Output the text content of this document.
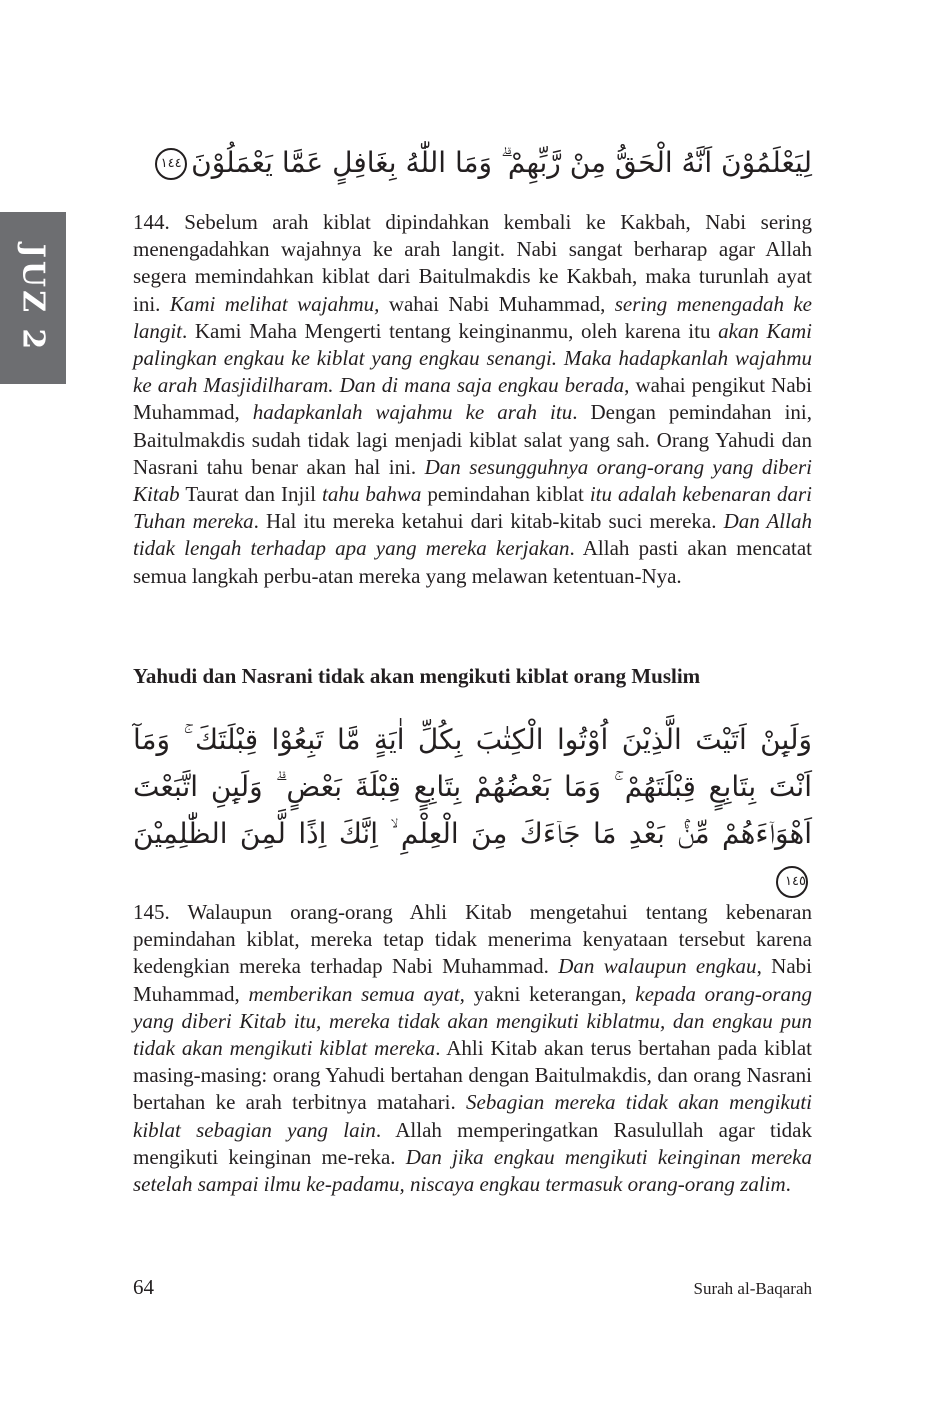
JUZ 2
لِيَعْلَمُوْنَ اَنَّهُ الْحَقُّ مِنْ رَّبِّهِمْ ۗ وَمَا اللّٰهُ بِغَافِلٍ عَمَّا يَعْمَلُوْنَ١٤٤

144. Sebelum arah kiblat dipindahkan kembali ke Kakbah, Nabi sering menengadahkan wajahnya ke arah langit. Nabi sangat berharap agar Allah segera memindahkan kiblat dari Baitulmakdis ke Kakbah, maka turunlah ayat ini. Kami melihat wajahmu, wahai Nabi Muhammad, sering menengadah ke langit. Kami Maha Mengerti tentang keinginanmu, oleh karena itu akan Kami palingkan engkau ke kiblat yang engkau senangi. Maka hadapkanlah wajahmu ke arah Masjidilharam. Dan di mana saja engkau berada, wahai pengikut Nabi Muhammad, hadapkanlah wajahmu ke arah itu. Dengan pemindahan ini, Baitulmakdis sudah tidak lagi menjadi kiblat salat yang sah. Orang Yahudi dan Nasrani tahu benar akan hal ini. Dan sesungguhnya orang-orang yang diberi Kitab Taurat dan Injil tahu bahwa pemindahan kiblat itu adalah kebenaran dari Tuhan mereka. Hal itu mereka ketahui dari kitab-kitab suci mereka. Dan Allah tidak lengah terhadap apa yang mereka kerjakan. Allah pasti akan mencatat semua langkah perbu-atan mereka yang melawan ketentuan-Nya.

Yahudi dan Nasrani tidak akan mengikuti kiblat orang Muslim
وَلَىِٕنْ اَتَيْتَ الَّذِيْنَ اُوْتُوا الْكِتٰبَ بِكُلِّ اٰيَةٍ مَّا تَبِعُوْا قِبْلَتَكَ ۚ وَمَآ اَنْتَ بِتَابِعٍ قِبْلَتَهُمْ ۚ وَمَا بَعْضُهُمْ بِتَابِعٍ قِبْلَةَ بَعْضٍ ۗ وَلَىِٕنِ اتَّبَعْتَ اَهْوَاۤءَهُمْ مِّنْۢ بَعْدِ مَا جَاۤءَكَ مِنَ الْعِلْمِ ۙ اِنَّكَ اِذًا لَّمِنَ الظّٰلِمِيْنَ١٤٥

145. Walaupun orang-orang Ahli Kitab mengetahui tentang kebenaran pemindahan kiblat, mereka tetap tidak menerima kenyataan tersebut karena kedengkian mereka terhadap Nabi Muhammad. Dan walaupun engkau, Nabi Muhammad, memberikan semua ayat, yakni keterangan, kepada orang-orang yang diberi Kitab itu, mereka tidak akan mengikuti kiblatmu, dan engkau pun tidak akan mengikuti kiblat mereka. Ahli Kitab akan terus bertahan pada kiblat masing-masing: orang Yahudi bertahan dengan Baitulmakdis, dan orang Nasrani bertahan ke arah terbitnya matahari. Sebagian mereka tidak akan mengikuti kiblat sebagian yang lain. Allah memperingatkan Rasulullah agar tidak mengikuti keinginan me-reka. Dan jika engkau mengikuti keinginan mereka setelah sampai ilmu ke-padamu, niscaya engkau termasuk orang-orang zalim.

64	Surah al-Baqarah
